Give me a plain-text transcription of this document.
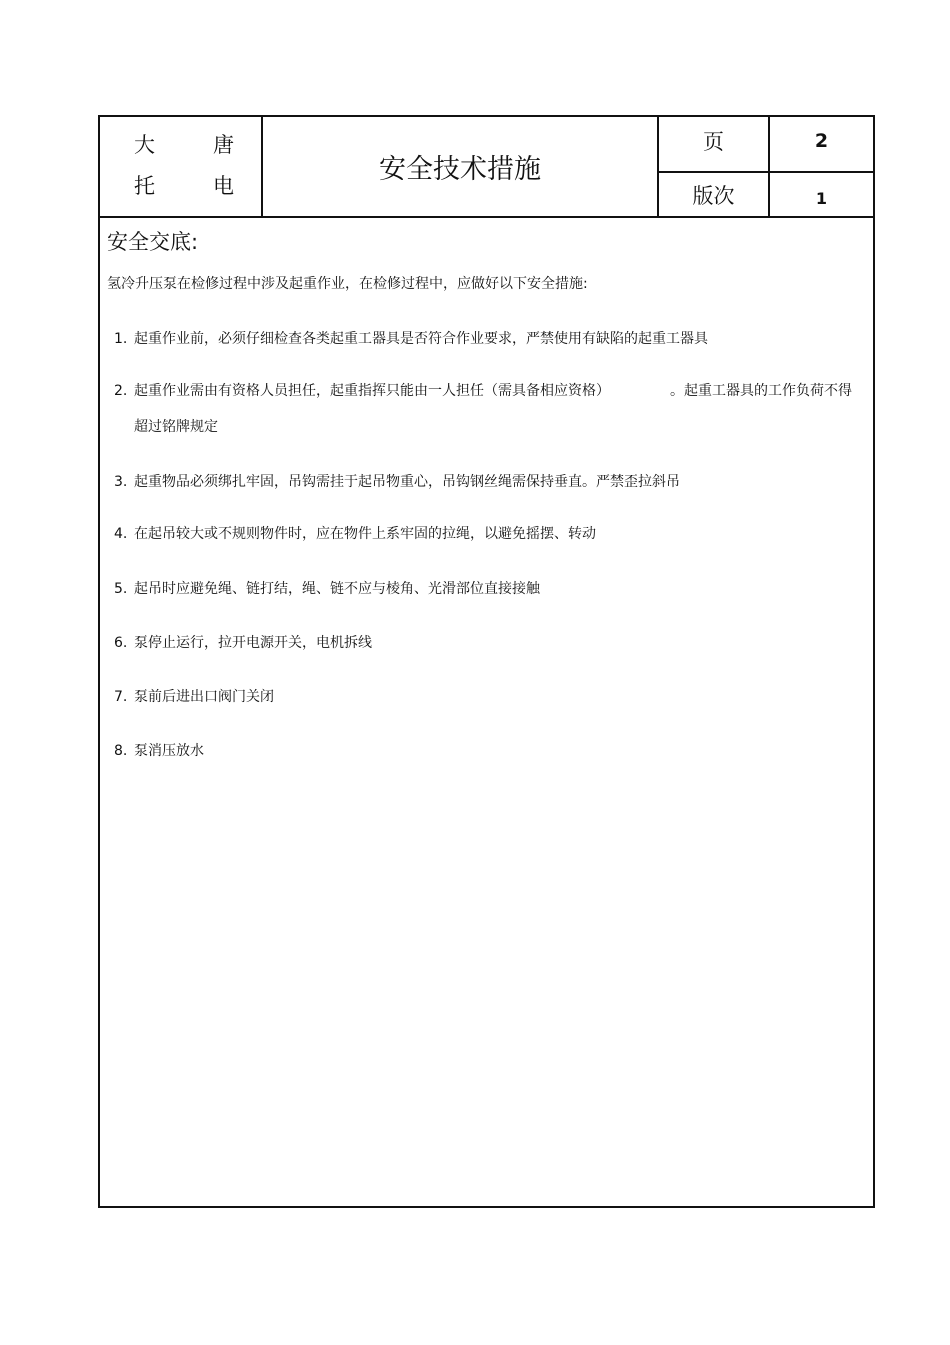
大	唐
托	电
安全技术措施
页	2
版次	1
安全交底:
氢冷升压泵在检修过程中涉及起重作业，在检修过程中，应做好以下安全措施:
1. 起重作业前，必须仔细检查各类起重工器具是否符合作业要求，严禁使用有缺陷的起重工器具
2. 起重作业需由有资格人员担任，起重指挥只能由一人担任（需具备相应资格）	。起重工器具的工作负荷不得超过铭牌规定
3. 起重物品必须绑扎牢固，吊钩需挂于起吊物重心，吊钩钢丝绳需保持垂直。严禁歪拉斜吊
4. 在起吊较大或不规则物件时，应在物件上系牢固的拉绳，以避免摇摆、转动
5. 起吊时应避免绳、链打结，绳、链不应与棱角、光滑部位直接接触
6. 泵停止运行，拉开电源开关，电机拆线
7. 泵前后进出口阀门关闭
8. 泵消压放水
